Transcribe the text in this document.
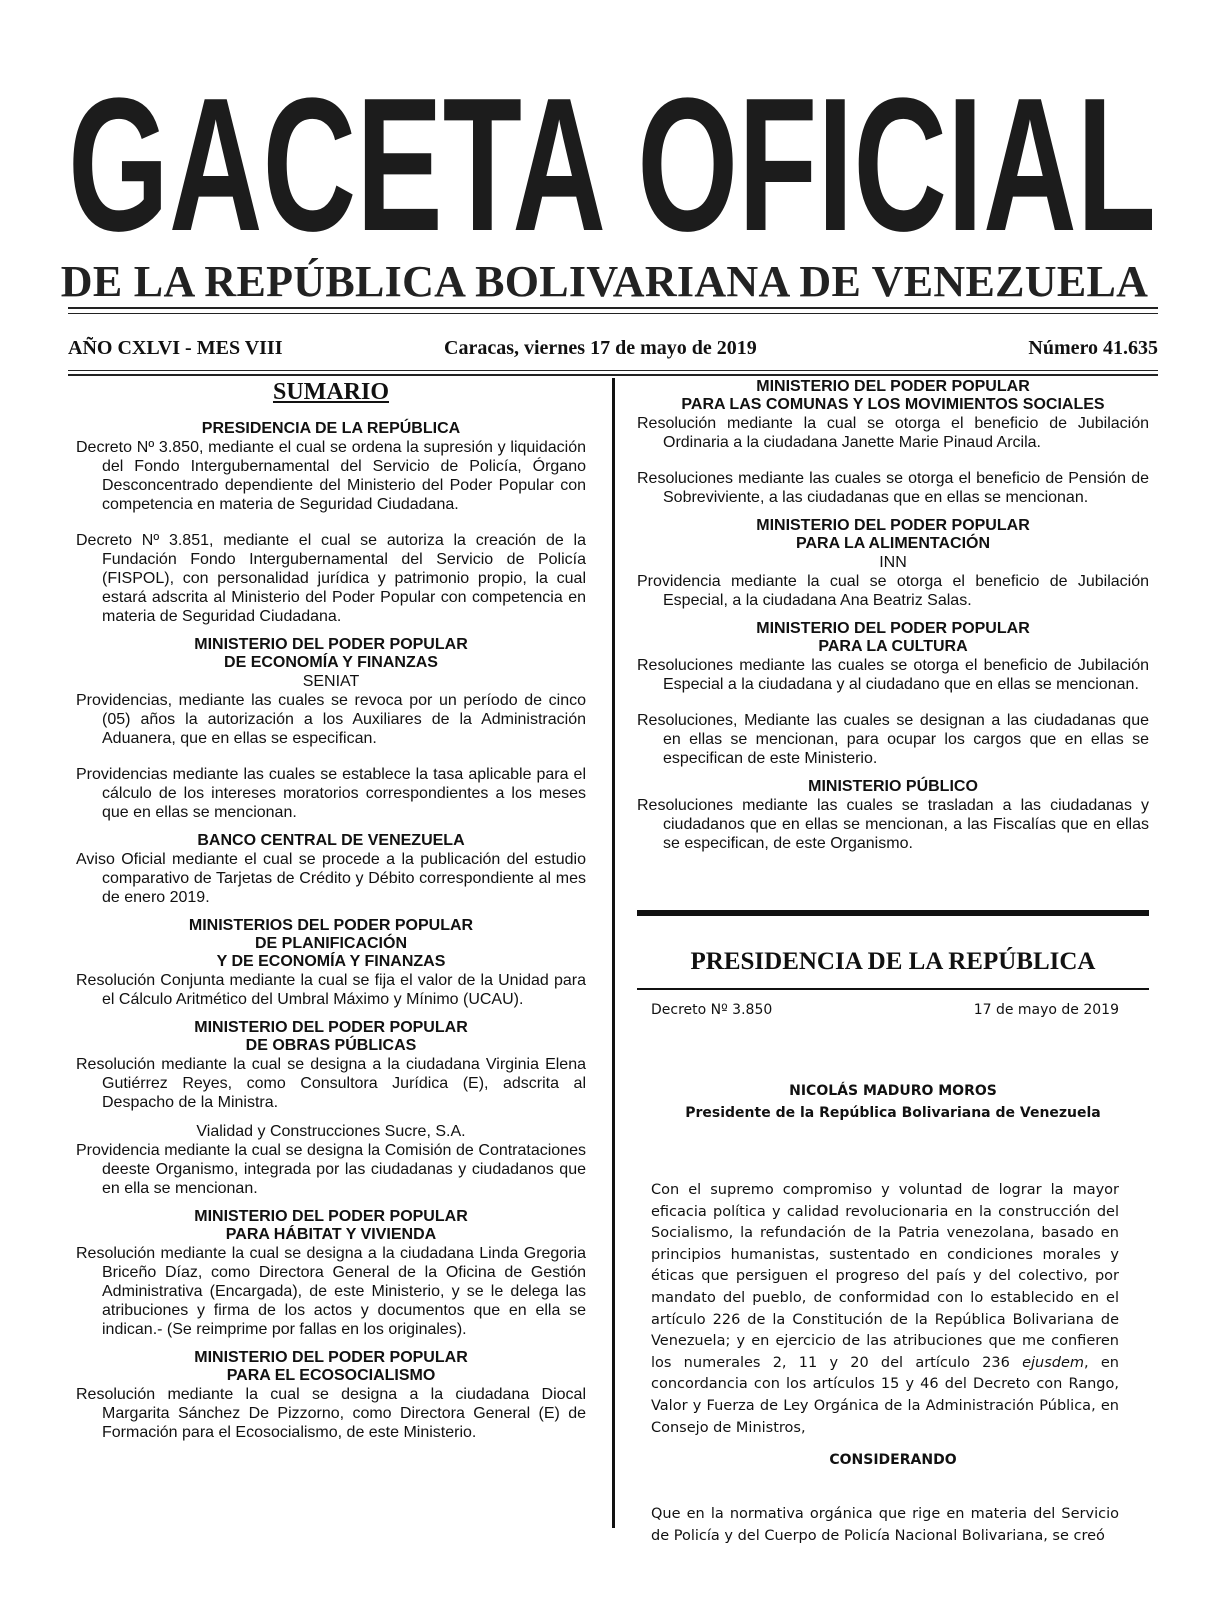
GACETA OFICIAL
DE LA REPÚBLICA BOLIVARIANA DE VENEZUELA
AÑO CXLVI - MES VIII	Caracas, viernes 17 de mayo de 2019	Número 41.635
SUMARIO
PRESIDENCIA DE LA REPÚBLICA

Decreto Nº 3.850, mediante el cual se ordena la supresión y liquidación del Fondo Intergubernamental del Servicio de Policía, Órgano Desconcentrado dependiente del Ministerio del Poder Popular con competencia en materia de Seguridad Ciudadana.

Decreto Nº 3.851, mediante el cual se autoriza la creación de la Fundación Fondo Intergubernamental del Servicio de Policía (FISPOL), con personalidad jurídica y patrimonio propio, la cual estará adscrita al Ministerio del Poder Popular con competencia en materia de Seguridad Ciudadana.

MINISTERIO DEL PODER POPULAR
DE ECONOMÍA Y FINANZAS
SENIAT

Providencias, mediante las cuales se revoca por un período de cinco (05) años la autorización a los Auxiliares de la Administración Aduanera, que en ellas se especifican.

Providencias mediante las cuales se establece la tasa aplicable para el cálculo de los intereses moratorios correspondientes a los meses que en ellas se mencionan.

BANCO CENTRAL DE VENEZUELA

Aviso Oficial mediante el cual se procede a la publicación del estudio comparativo de Tarjetas de Crédito y Débito correspondiente al mes de enero 2019.

MINISTERIOS DEL PODER POPULAR
DE PLANIFICACIÓN
Y DE ECONOMÍA Y FINANZAS

Resolución Conjunta mediante la cual se fija el valor de la Unidad para el Cálculo Aritmético del Umbral Máximo y Mínimo (UCAU).

MINISTERIO DEL PODER POPULAR
DE OBRAS PÚBLICAS

Resolución mediante la cual se designa a la ciudadana Virginia Elena Gutiérrez Reyes, como Consultora Jurídica (E), adscrita al Despacho de la Ministra.

Vialidad y Construcciones Sucre, S.A.

Providencia mediante la cual se designa la Comisión de Contrataciones deeste Organismo, integrada por las ciudadanas y ciudadanos que en ella se mencionan.

MINISTERIO DEL PODER POPULAR
PARA HÁBITAT Y VIVIENDA

Resolución mediante la cual se designa a la ciudadana Linda Gregoria Briceño Díaz, como Directora General de la Oficina de Gestión Administrativa (Encargada), de este Ministerio, y se le delega las atribuciones y firma de los actos y documentos que en ella se indican.- (Se reimprime por fallas en los originales).

MINISTERIO DEL PODER POPULAR
PARA EL ECOSOCIALISMO

Resolución mediante la cual se designa a la ciudadana Diocal Margarita Sánchez De Pizzorno, como Directora General (E) de Formación para el Ecosocialismo, de este Ministerio.

MINISTERIO DEL PODER POPULAR
PARA LAS COMUNAS Y LOS MOVIMIENTOS SOCIALES

Resolución mediante la cual se otorga el beneficio de Jubilación Ordinaria a la ciudadana Janette Marie Pinaud Arcila.

Resoluciones mediante las cuales se otorga el beneficio de Pensión de Sobreviviente, a las ciudadanas que en ellas se mencionan.

MINISTERIO DEL PODER POPULAR
PARA LA ALIMENTACIÓN
INN

Providencia mediante la cual se otorga el beneficio de Jubilación Especial, a la ciudadana Ana Beatriz Salas.

MINISTERIO DEL PODER POPULAR
PARA LA CULTURA

Resoluciones mediante las cuales se otorga el beneficio de Jubilación Especial a la ciudadana y al ciudadano que en ellas se mencionan.

Resoluciones, Mediante las cuales se designan a las ciudadanas que en ellas se mencionan, para ocupar los cargos que en ellas se especifican de este Ministerio.

MINISTERIO PÚBLICO

Resoluciones mediante las cuales se trasladan a las ciudadanas y ciudadanos que en ellas se mencionan, a las Fiscalías que en ellas se especifican, de este Organismo.

PRESIDENCIA DE LA REPÚBLICA
Decreto Nº 3.850	17 de mayo de 2019
NICOLÁS MADURO MOROS
Presidente de la República Bolivariana de Venezuela
Con el supremo compromiso y voluntad de lograr la mayor eficacia política y calidad revolucionaria en la construcción del Socialismo, la refundación de la Patria venezolana, basado en principios humanistas, sustentado en condiciones morales y éticas que persiguen el progreso del país y del colectivo, por mandato del pueblo, de conformidad con lo establecido en el artículo 226 de la Constitución de la República Bolivariana de Venezuela; y en ejercicio de las atribuciones que me confieren los numerales 2, 11 y 20 del artículo 236 ejusdem, en concordancia con los artículos 15 y 46 del Decreto con Rango, Valor y Fuerza de Ley Orgánica de la Administración Pública, en Consejo de Ministros,
CONSIDERANDO
Que en la normativa orgánica que rige en materia del Servicio de Policía y del Cuerpo de Policía Nacional Bolivariana, se creó
